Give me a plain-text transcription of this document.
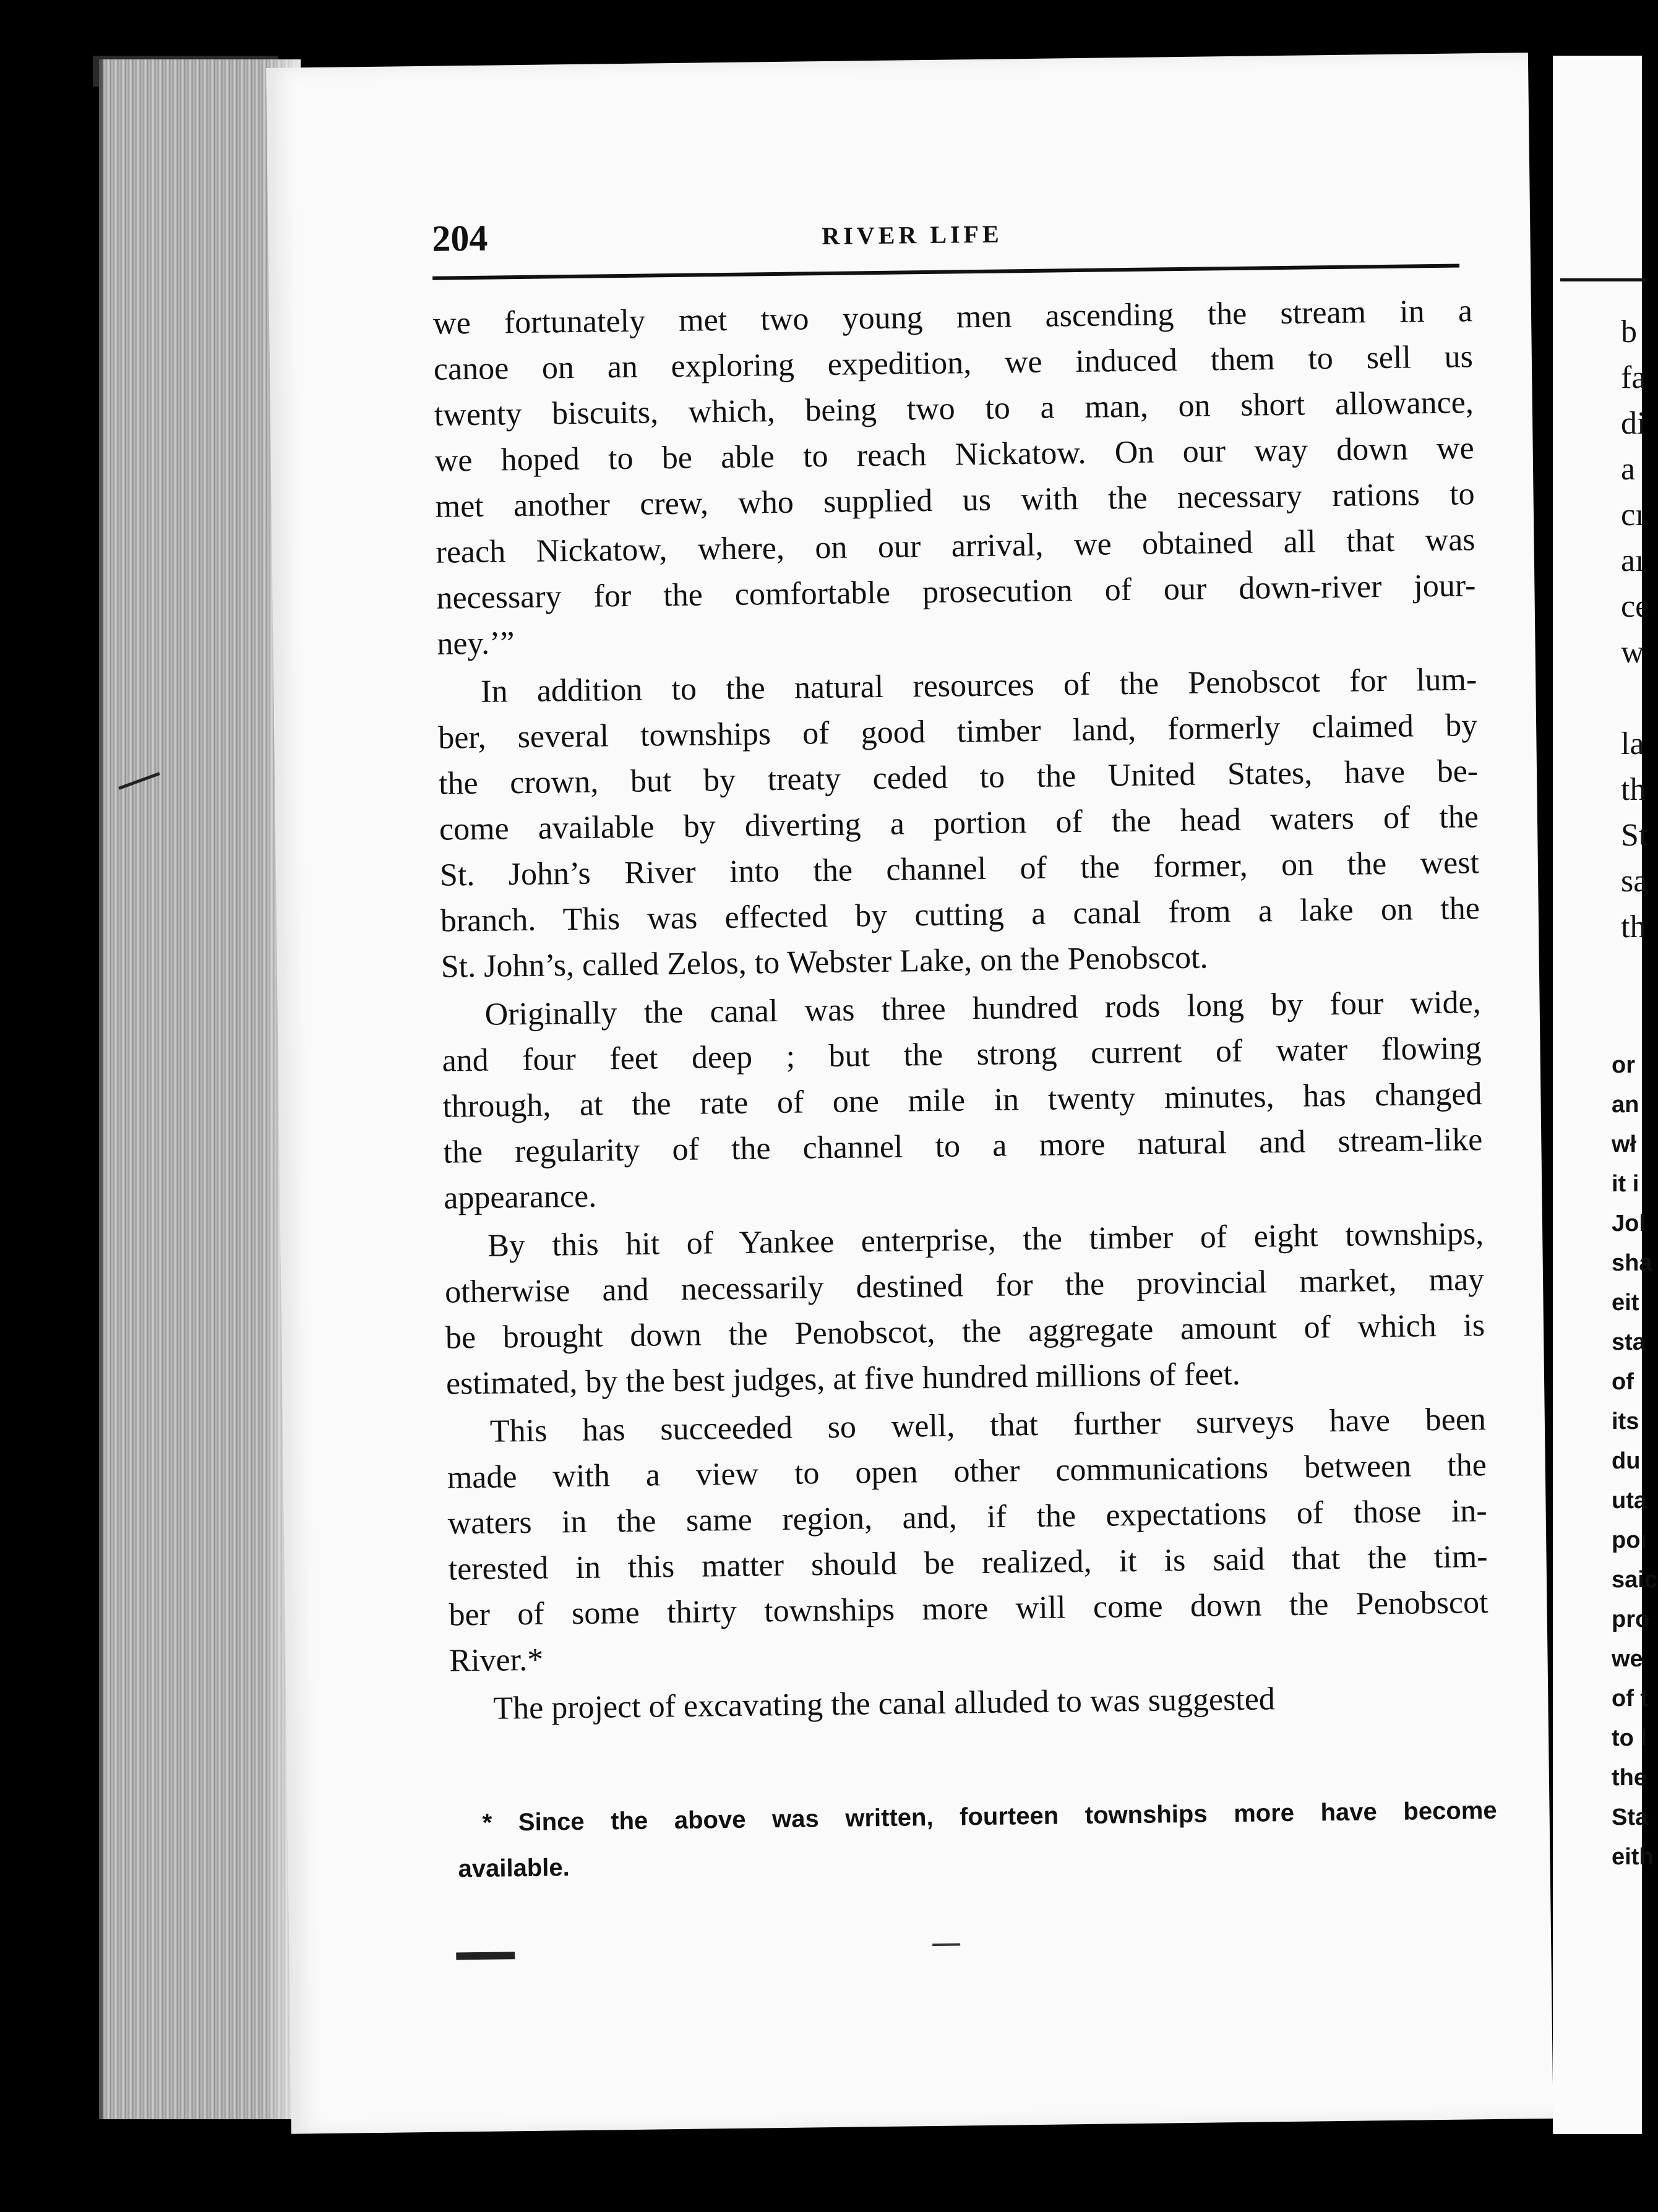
204	RIVER LIFE
we fortunately met two young men ascending the stream in a
canoe on an exploring expedition, we induced them to sell us
twenty biscuits, which, being two to a man, on short allowance,
we hoped to be able to reach Nickatow. On our way down we
met another crew, who supplied us with the necessary rations to
reach Nickatow, where, on our arrival, we obtained all that was
necessary for the comfortable prosecution of our down-river jour-
ney.’”
In addition to the natural resources of the Penobscot for lum-
ber, several townships of good timber land, formerly claimed by
the crown, but by treaty ceded to the United States, have be-
come available by diverting a portion of the head waters of the
St. John’s River into the channel of the former, on the west
branch. This was effected by cutting a canal from a lake on the
St. John’s, called Zelos, to Webster Lake, on the Penobscot.
Originally the canal was three hundred rods long by four wide,
and four feet deep ; but the strong current of water flowing
through, at the rate of one mile in twenty minutes, has changed
the regularity of the channel to a more natural and stream-like
appearance.
By this hit of Yankee enterprise, the timber of eight townships,
otherwise and necessarily destined for the provincial market, may
be brought down the Penobscot, the aggregate amount of which is
estimated, by the best judges, at five hundred millions of feet.
This has succeeded so well, that further surveys have been
made with a view to open other communications between the
waters in the same region, and, if the expectations of those in-
terested in this matter should be realized, it is said that the tim-
ber of some thirty townships more will come down the Penobscot
River.*
The project of excavating the canal alluded to was suggested
* Since the above was written, fourteen townships more have become
available.
b
fa
di
a
cı
aı
ce
w
la
th
St
sa
th
or
an
wł
it i
Jol
sha
eit
sta
of
its
du
uta
poı
saic
pro
we
of t
to l
the
Sta
eith
